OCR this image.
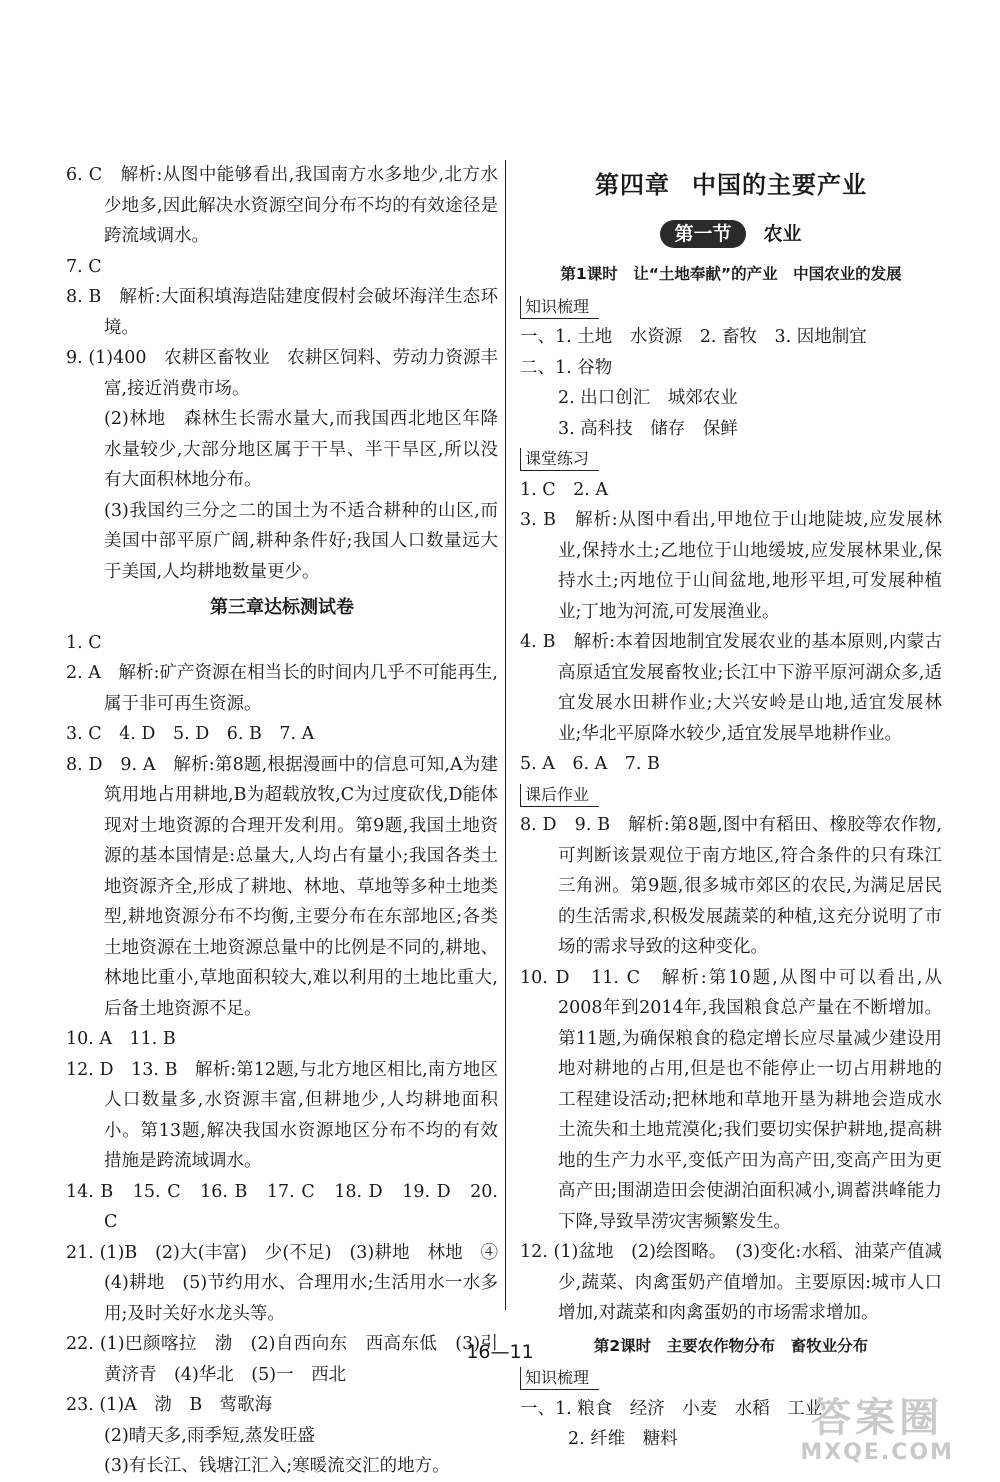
6. C　解析:从图中能够看出,我国南方水多地少,北方水少地多,因此解决水资源空间分布不均的有效途径是跨流域调水。

7. C

8. B　解析:大面积填海造陆建度假村会破坏海洋生态环境。

9. (1)400　农耕区畜牧业　农耕区饲料、劳动力资源丰富,接近消费市场。

(2)林地　森林生长需水量大,而我国西北地区年降水量较少,大部分地区属于干旱、半干旱区,所以没有大面积林地分布。

(3)我国约三分之二的国土为不适合耕种的山区,而美国中部平原广阔,耕种条件好;我国人口数量远大于美国,人均耕地数量更少。

第三章达标测试卷

1. C

2. A　解析:矿产资源在相当长的时间内几乎不可能再生,属于非可再生资源。

3. C　4. D　5. D　6. B　7. A

8. D　9. A　解析:第8题,根据漫画中的信息可知,A为建筑用地占用耕地,B为超载放牧,C为过度砍伐,D能体现对土地资源的合理开发利用。第9题,我国土地资源的基本国情是:总量大,人均占有量小;我国各类土地资源齐全,形成了耕地、林地、草地等多种土地类型,耕地资源分布不均衡,主要分布在东部地区;各类土地资源在土地资源总量中的比例是不同的,耕地、林地比重小,草地面积较大,难以利用的土地比重大,后备土地资源不足。

10. A　11. B

12. D　13. B　解析:第12题,与北方地区相比,南方地区人口数量多,水资源丰富,但耕地少,人均耕地面积小。第13题,解决我国水资源地区分布不均的有效措施是跨流域调水。

14. B　15. C　16. B　17. C　18. D　19. D　20. C

21. (1)B　(2)大(丰富)　少(不足)　(3)耕地　林地　④　(4)耕地　(5)节约用水、合理用水;生活用水一水多用;及时关好水龙头等。

22. (1)巴颜喀拉　渤　(2)自西向东　西高东低　(3)引黄济青　(4)华北　(5)一　西北

23. (1)A　渤　B　莺歌海

(2)晴天多,雨季短,蒸发旺盛

(3)有长江、钱塘江汇入;寒暖流交汇的地方。

第四章 中国的主要产业
第一节 农业
第1课时　让“土地奉献”的产业　中国农业的发展
知识梳理

一、1. 土地　水资源　2. 畜牧　3. 因地制宜

二、1. 谷物

2. 出口创汇　城郊农业

3. 高科技　储存　保鲜

课堂练习

1. C　2. A

3. B　解析:从图中看出,甲地位于山地陡坡,应发展林业,保持水土;乙地位于山地缓坡,应发展林果业,保持水土;丙地位于山间盆地,地形平坦,可发展种植业;丁地为河流,可发展渔业。

4. B　解析:本着因地制宜发展农业的基本原则,内蒙古高原适宜发展畜牧业;长江中下游平原河湖众多,适宜发展水田耕作业;大兴安岭是山地,适宜发展林业;华北平原降水较少,适宜发展旱地耕作业。

5. A　6. A　7. B

课后作业

8. D　9. B　解析:第8题,图中有稻田、橡胶等农作物,可判断该景观位于南方地区,符合条件的只有珠江三角洲。第9题,很多城市郊区的农民,为满足居民的生活需求,积极发展蔬菜的种植,这充分说明了市场的需求导致的这种变化。

10. D　11. C　解析:第10题,从图中可以看出,从2008年到2014年,我国粮食总产量在不断增加。第11题,为确保粮食的稳定增长应尽量减少建设用地对耕地的占用,但是也不能停止一切占用耕地的工程建设活动;把林地和草地开垦为耕地会造成水土流失和土地荒漠化;我们要切实保护耕地,提高耕地的生产力水平,变低产田为高产田,变高产田为更高产田;围湖造田会使湖泊面积减小,调蓄洪峰能力下降,导致旱涝灾害频繁发生。

12. (1)盆地　(2)绘图略。　(3)变化:水稻、油菜产值减少,蔬菜、肉禽蛋奶产值增加。主要原因:城市人口增加,对蔬菜和肉禽蛋奶的市场需求增加。

第2课时　主要农作物分布　畜牧业分布
知识梳理

一、1. 粮食　经济　小麦　水稻　工业

2. 纤维　糖料

16—11
答案圈
MXQE.COM
